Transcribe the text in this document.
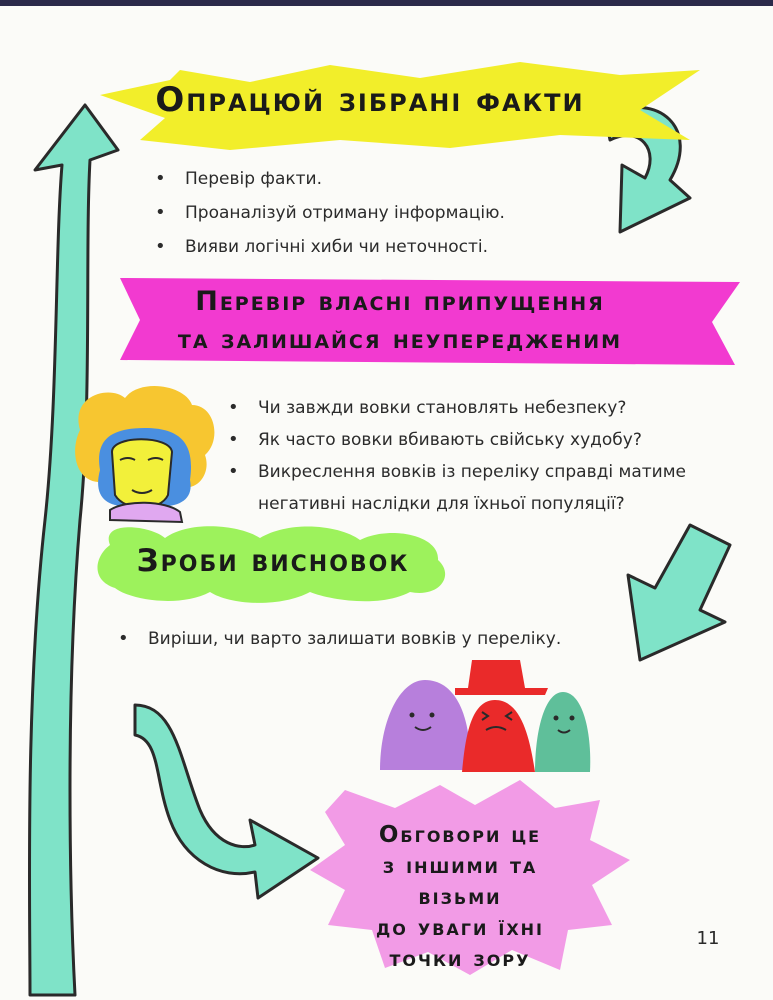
Опрацюй зібрані факти
• Перевір факти.
• Проаналізуй отриману інформацію.
• Вияви логічні хиби чи неточності.
Перевір власні припущення
та залишайся неупередженим
• Чи завжди вовки становлять небезпеку?
• Як часто вовки вбивають свійську худобу?
• Викреслення вовків із переліку справді матиме негативні наслідки для їхньої популяції?
Зроби висновок
• Виріши, чи варто залишати вовків у переліку.

Обговори це
з іншими та візьми
до уваги їхні
точки зору

11
